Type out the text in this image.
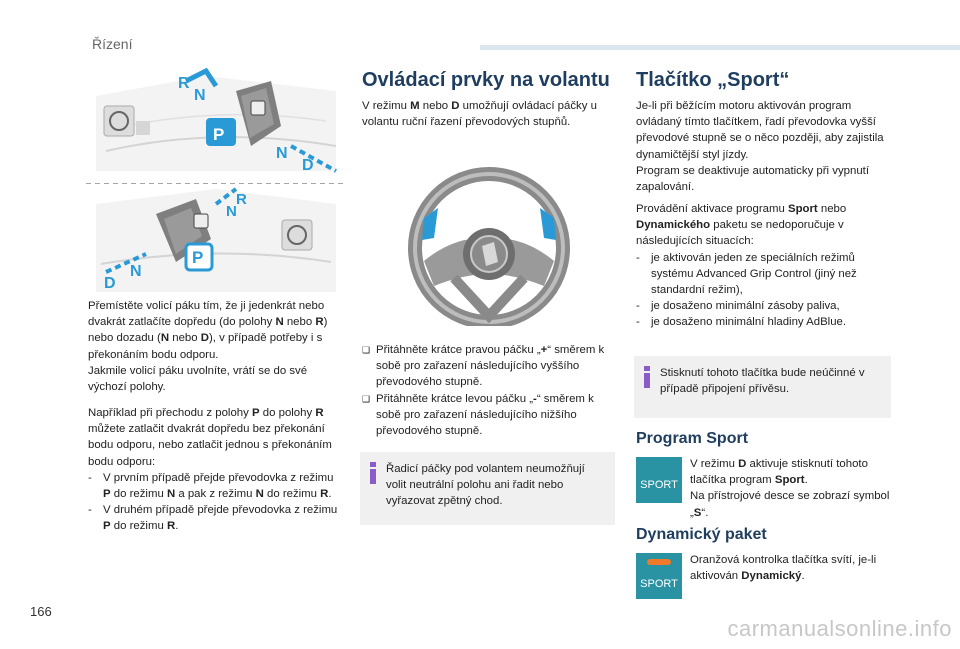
Řízení
R
N
P
N
D
R
N
P
N
D

Přemístěte volicí páku tím, že ji jedenkrát nebo dvakrát zatlačíte dopředu (do polohy N nebo R) nebo dozadu (N nebo D), v případě potřeby i s překonáním bodu odporu.

Jakmile volicí páku uvolníte, vrátí se do své výchozí polohy.

Například při přechodu z polohy P do polohy R můžete zatlačit dvakrát dopředu bez překonání bodu odporu, nebo zatlačit jednou s překonáním bodu odporu:

- V prvním případě přejde převodovka z režimu P do režimu N a pak z režimu N do režimu R.

- V druhém případě přejde převodovka z režimu P do režimu R.

Ovládací prvky na volantu

V režimu M nebo D umožňují ovládací páčky u volantu ruční řazení převodových stupňů.

❑ Přitáhněte krátce pravou páčku „+“ směrem k sobě pro zařazení následujícího vyššího převodového stupně.

❑ Přitáhněte krátce levou páčku „-“ směrem k sobě pro zařazení následujícího nižšího převodového stupně.

Řadicí páčky pod volantem neumožňují volit neutrální polohu ani řadit nebo vyřazovat zpětný chod.
Tlačítko „Sport“

Je-li při běžícím motoru aktivován program ovládaný tímto tlačítkem, řadí převodovka vyšší převodové stupně se o něco později, aby zajistila dynamičtější styl jízdy.

Program se deaktivuje automaticky při vypnutí zapalování.

Provádění aktivace programu Sport nebo Dynamického paketu se nedoporučuje v následujících situacích:

- je aktivován jeden ze speciálních režimů systému Advanced Grip Control (jiný než standardní režim),

- je dosaženo minimální zásoby paliva,

- je dosaženo minimální hladiny AdBlue.

Stisknutí tohoto tlačítka bude neúčinné v případě připojení přívěsu.
Program Sport
SPORT

V režimu D aktivuje stisknutí tohoto tlačítka program Sport.

Na přístrojové desce se zobrazí symbol „S“.

Dynamický paket
SPORT

Oranžová kontrolka tlačítka svítí, je-li aktivován Dynamický.

166
carmanualsonline.info
